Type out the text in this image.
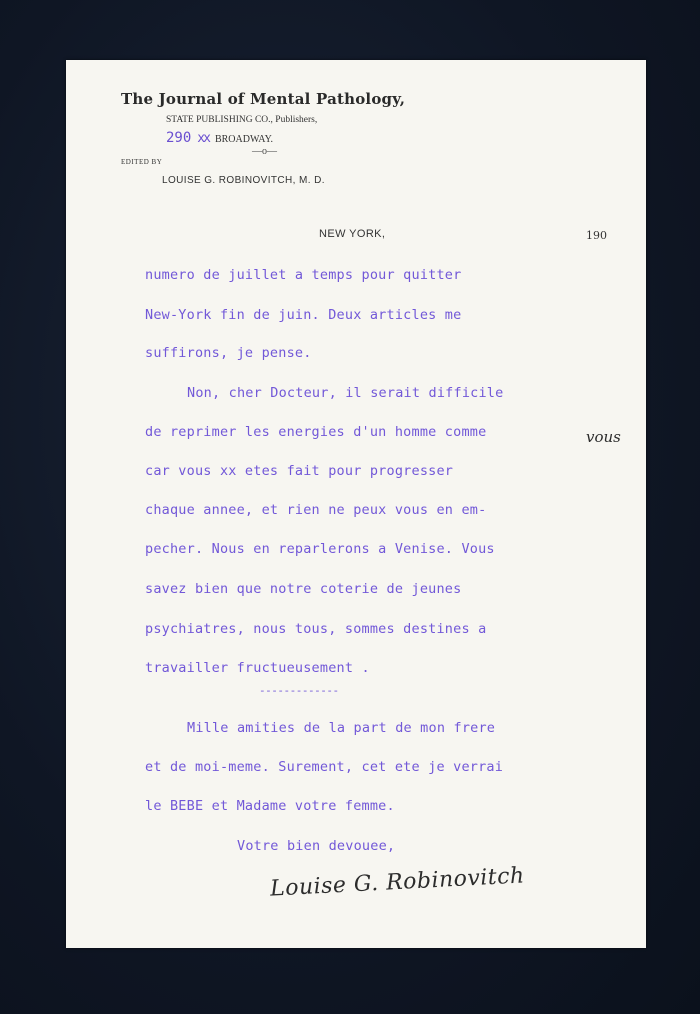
The Journal of Mental Pathology,
STATE PUBLISHING CO., Publishers,
290 xx BROADWAY.
—o—
EDITED BY
LOUISE G. ROBINOVITCH, M. D.
NEW YORK,	190
numero de juillet a temps pour quitter
New-York fin de juin. Deux articles me
suffirons, je pense.
Non, cher Docteur, il serait difficile
de reprimer les energies d'un homme comme
car vous xx etes fait pour progresser
chaque annee, et rien ne peux vous en em-
pecher. Nous en reparlerons a Venise. Vous
savez bien que notre coterie de jeunes
psychiatres, nous tous, sommes destines a
travailler fructueusement .
-------------
Mille amities de la part de mon frere
et de moi-meme. Surement, cet ete je verrai
le BEBE et Madame votre femme.
Votre bien devouee,
vous
Louise G. Robinovitch
